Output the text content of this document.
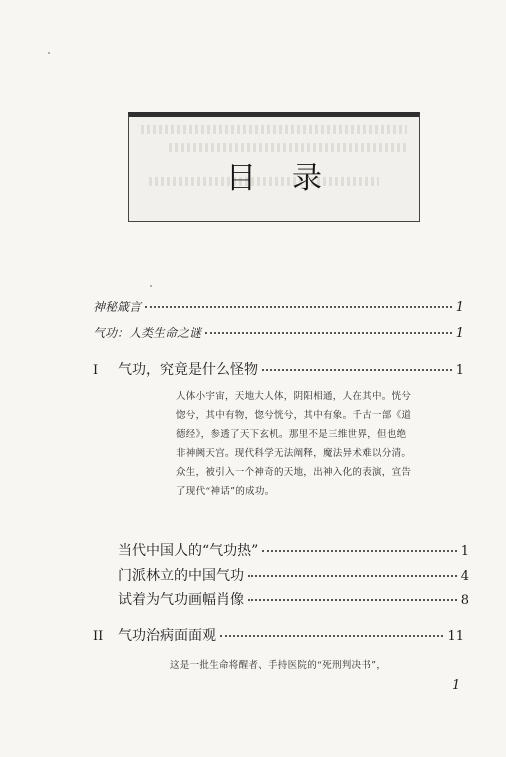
目录
神秘箴言	1
气功：人类生命之谜	1
I	气功，究竟是什么怪物	1
人体小宇宙，天地大人体，阴阳相通，人在其中。恍兮惚兮，其中有物，惚兮恍兮，其中有象。千古一部《道德经》，参透了天下玄机。那里不是三维世界，但也绝非神阙天宫。现代科学无法阐释，魔法异术难以分清。众生，被引入一个神奇的天地，出神入化的表演，宣告了现代“神话”的成功。
当代中国人的“气功热”	1
门派林立的中国气功	4
试着为气功画幅肖像	8
II	气功治病面面观	11
这是一批生命将醒者、手持医院的“死刑判决书”，
1
